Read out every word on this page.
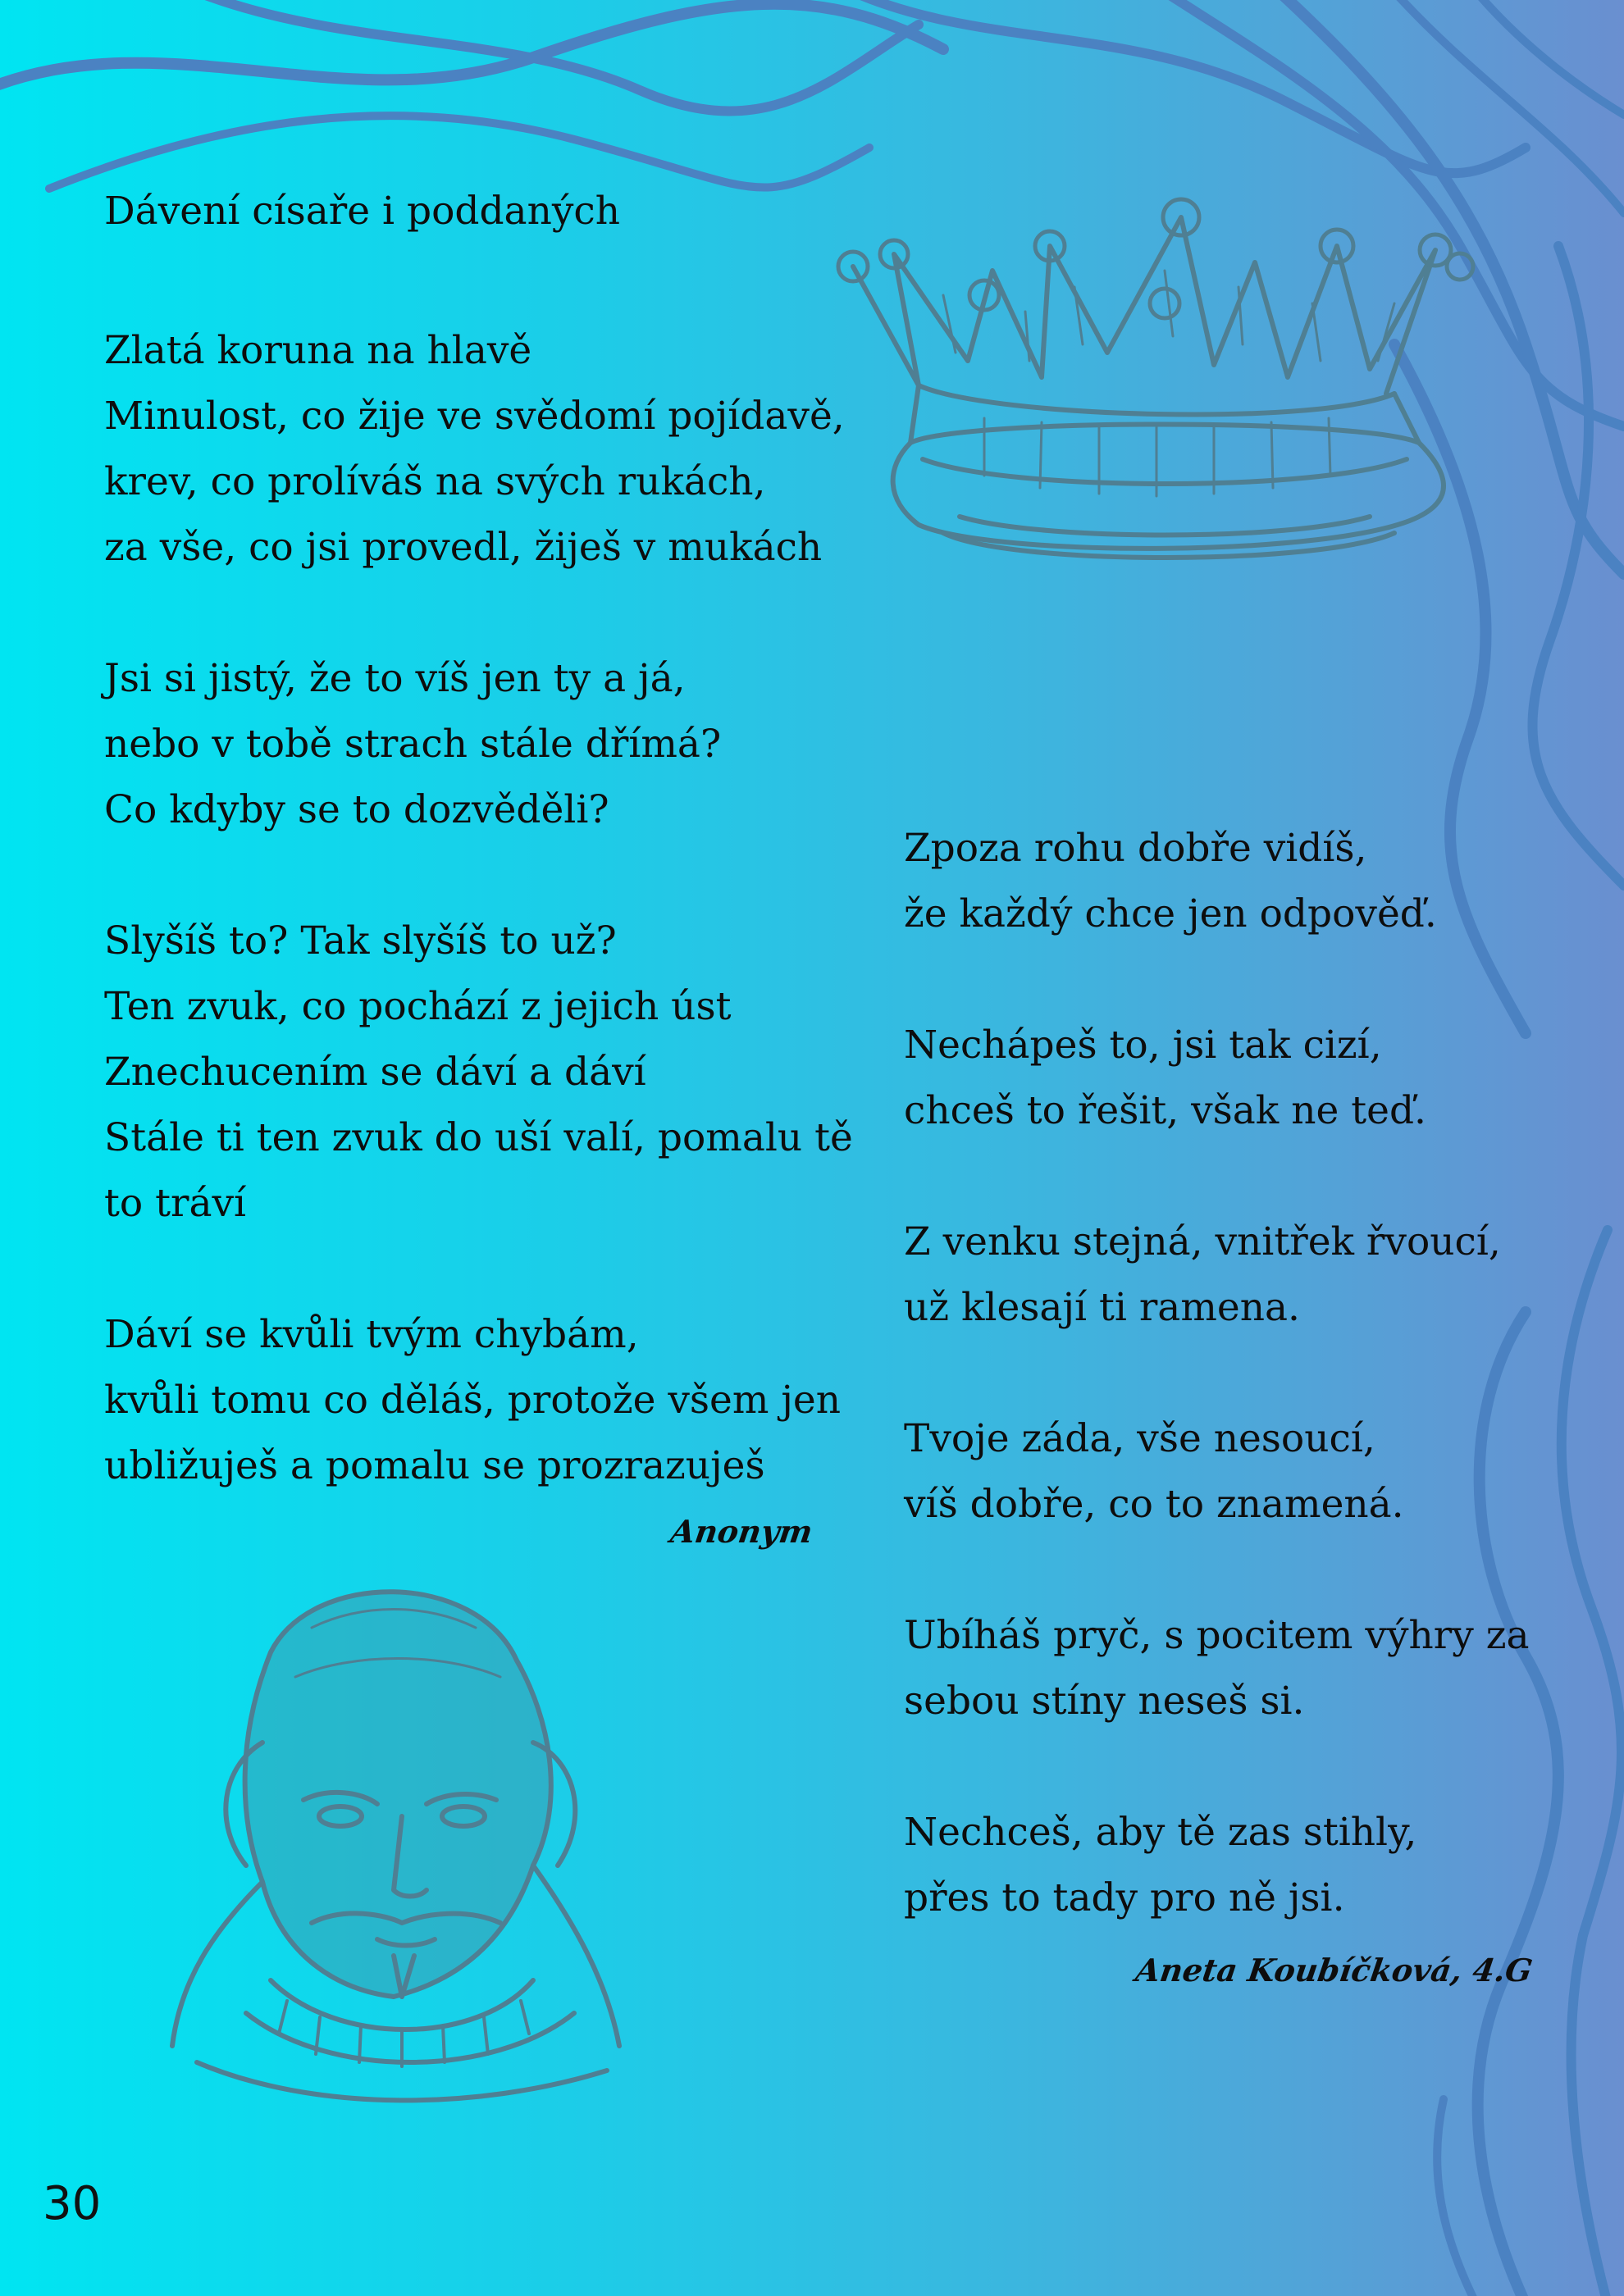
Dávení císaře i poddaných

Zlatá koruna na hlavě
Minulost, co žije ve svědomí pojídavě,
krev, co prolíváš na svých rukách,
za vše, co jsi provedl, žiješ v mukách

Jsi si jistý, že to víš jen ty a já,
nebo v tobě strach stále dřímá?
Co kdyby se to dozvěděli?

Slyšíš to? Tak slyšíš to už?
Ten zvuk, co pochází z jejich úst
Znechucením se dáví a dáví
Stále ti ten zvuk do uší valí, pomalu tě
to tráví

Dáví se kvůli tvým chybám,
kvůli tomu co děláš, protože všem jen
ubližuješ a pomalu se prozrazuješ

Anonym

Zpoza rohu dobře vidíš,
že každý chce jen odpověď.

Nechápeš to, jsi tak cizí,
chceš to řešit, však ne teď.

Z venku stejná, vnitřek řvoucí,
už klesají ti ramena.

Tvoje záda, vše nesoucí,
víš dobře, co to znamená.

Ubíháš pryč, s pocitem výhry za
sebou stíny neseš si.

Nechceš, aby tě zas stihly,
přes to tady pro ně jsi.

Aneta Koubíčková, 4.G

30
